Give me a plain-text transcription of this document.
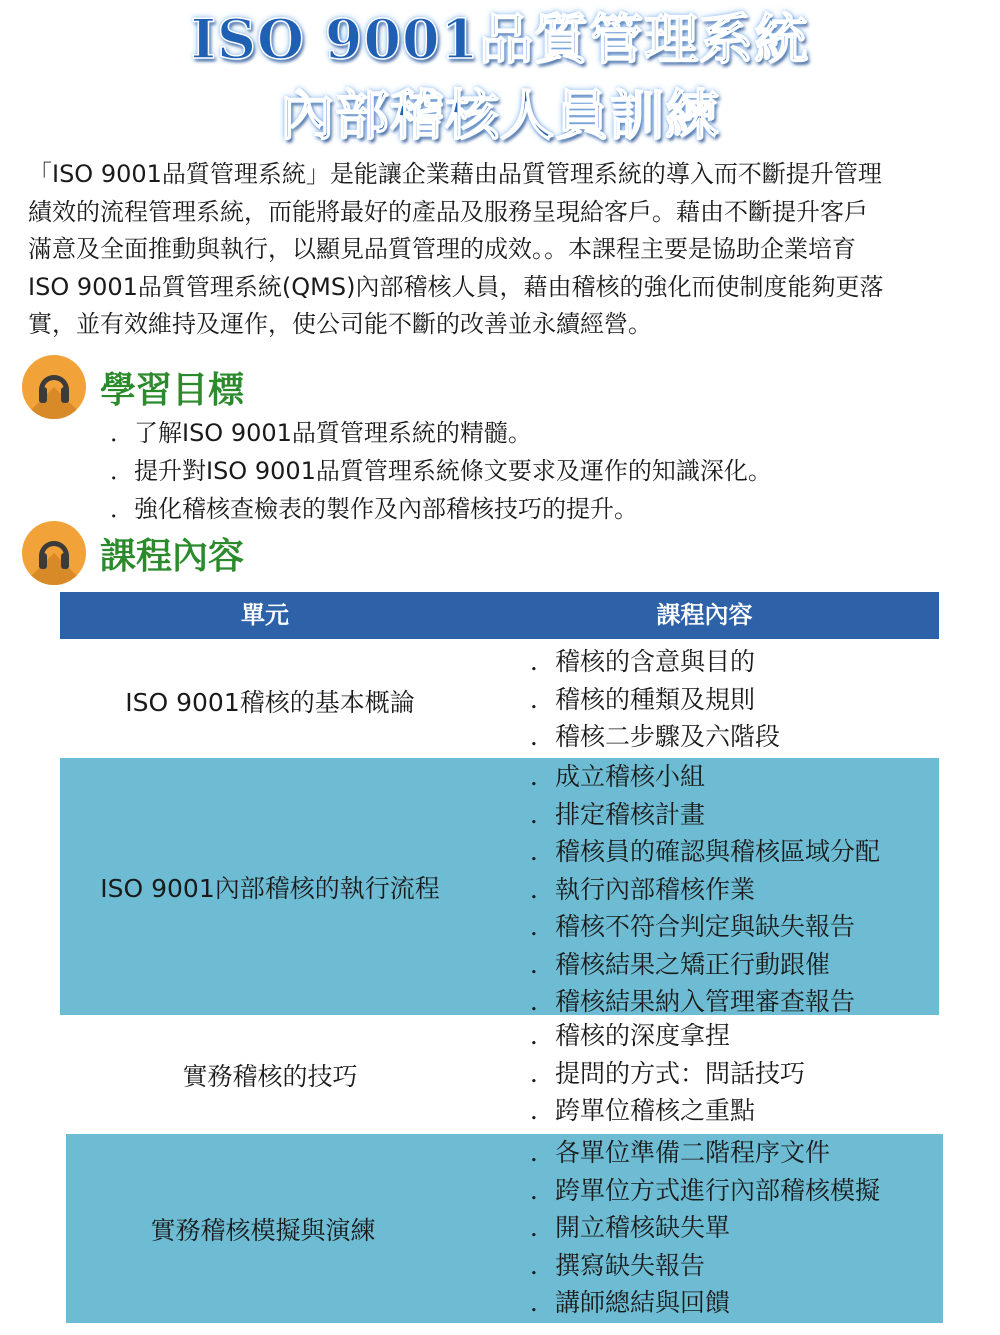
ISO 9001品質管理系統
內部稽核人員訓練
「ISO 9001品質管理系統」是能讓企業藉由品質管理系統的導入而不斷提升管理
績效的流程管理系統，而能將最好的產品及服務呈現給客戶。藉由不斷提升客戶
滿意及全面推動與執行，以顯見品質管理的成效。。本課程主要是協助企業培育
ISO 9001品質管理系統(QMS)內部稽核人員，藉由稽核的強化而使制度能夠更落
實，並有效維持及運作，使公司能不斷的改善並永續經營。
學習目標
．了解ISO 9001品質管理系統的精髓。
．提升對ISO 9001品質管理系統條文要求及運作的知識深化。
．強化稽核查檢表的製作及內部稽核技巧的提升。
課程內容
單元	課程內容
ISO 9001稽核的基本概論
．稽核的含意與目的
．稽核的種類及規則
．稽核二步驟及六階段
ISO 9001內部稽核的執行流程
．成立稽核小組
．排定稽核計畫
．稽核員的確認與稽核區域分配
．執行內部稽核作業
．稽核不符合判定與缺失報告
．稽核結果之矯正行動跟催
．稽核結果納入管理審查報告
實務稽核的技巧
．稽核的深度拿捏
．提問的方式：問話技巧
．跨單位稽核之重點
實務稽核模擬與演練
．各單位準備二階程序文件
．跨單位方式進行內部稽核模擬
．開立稽核缺失單
．撰寫缺失報告
．講師總結與回饋
